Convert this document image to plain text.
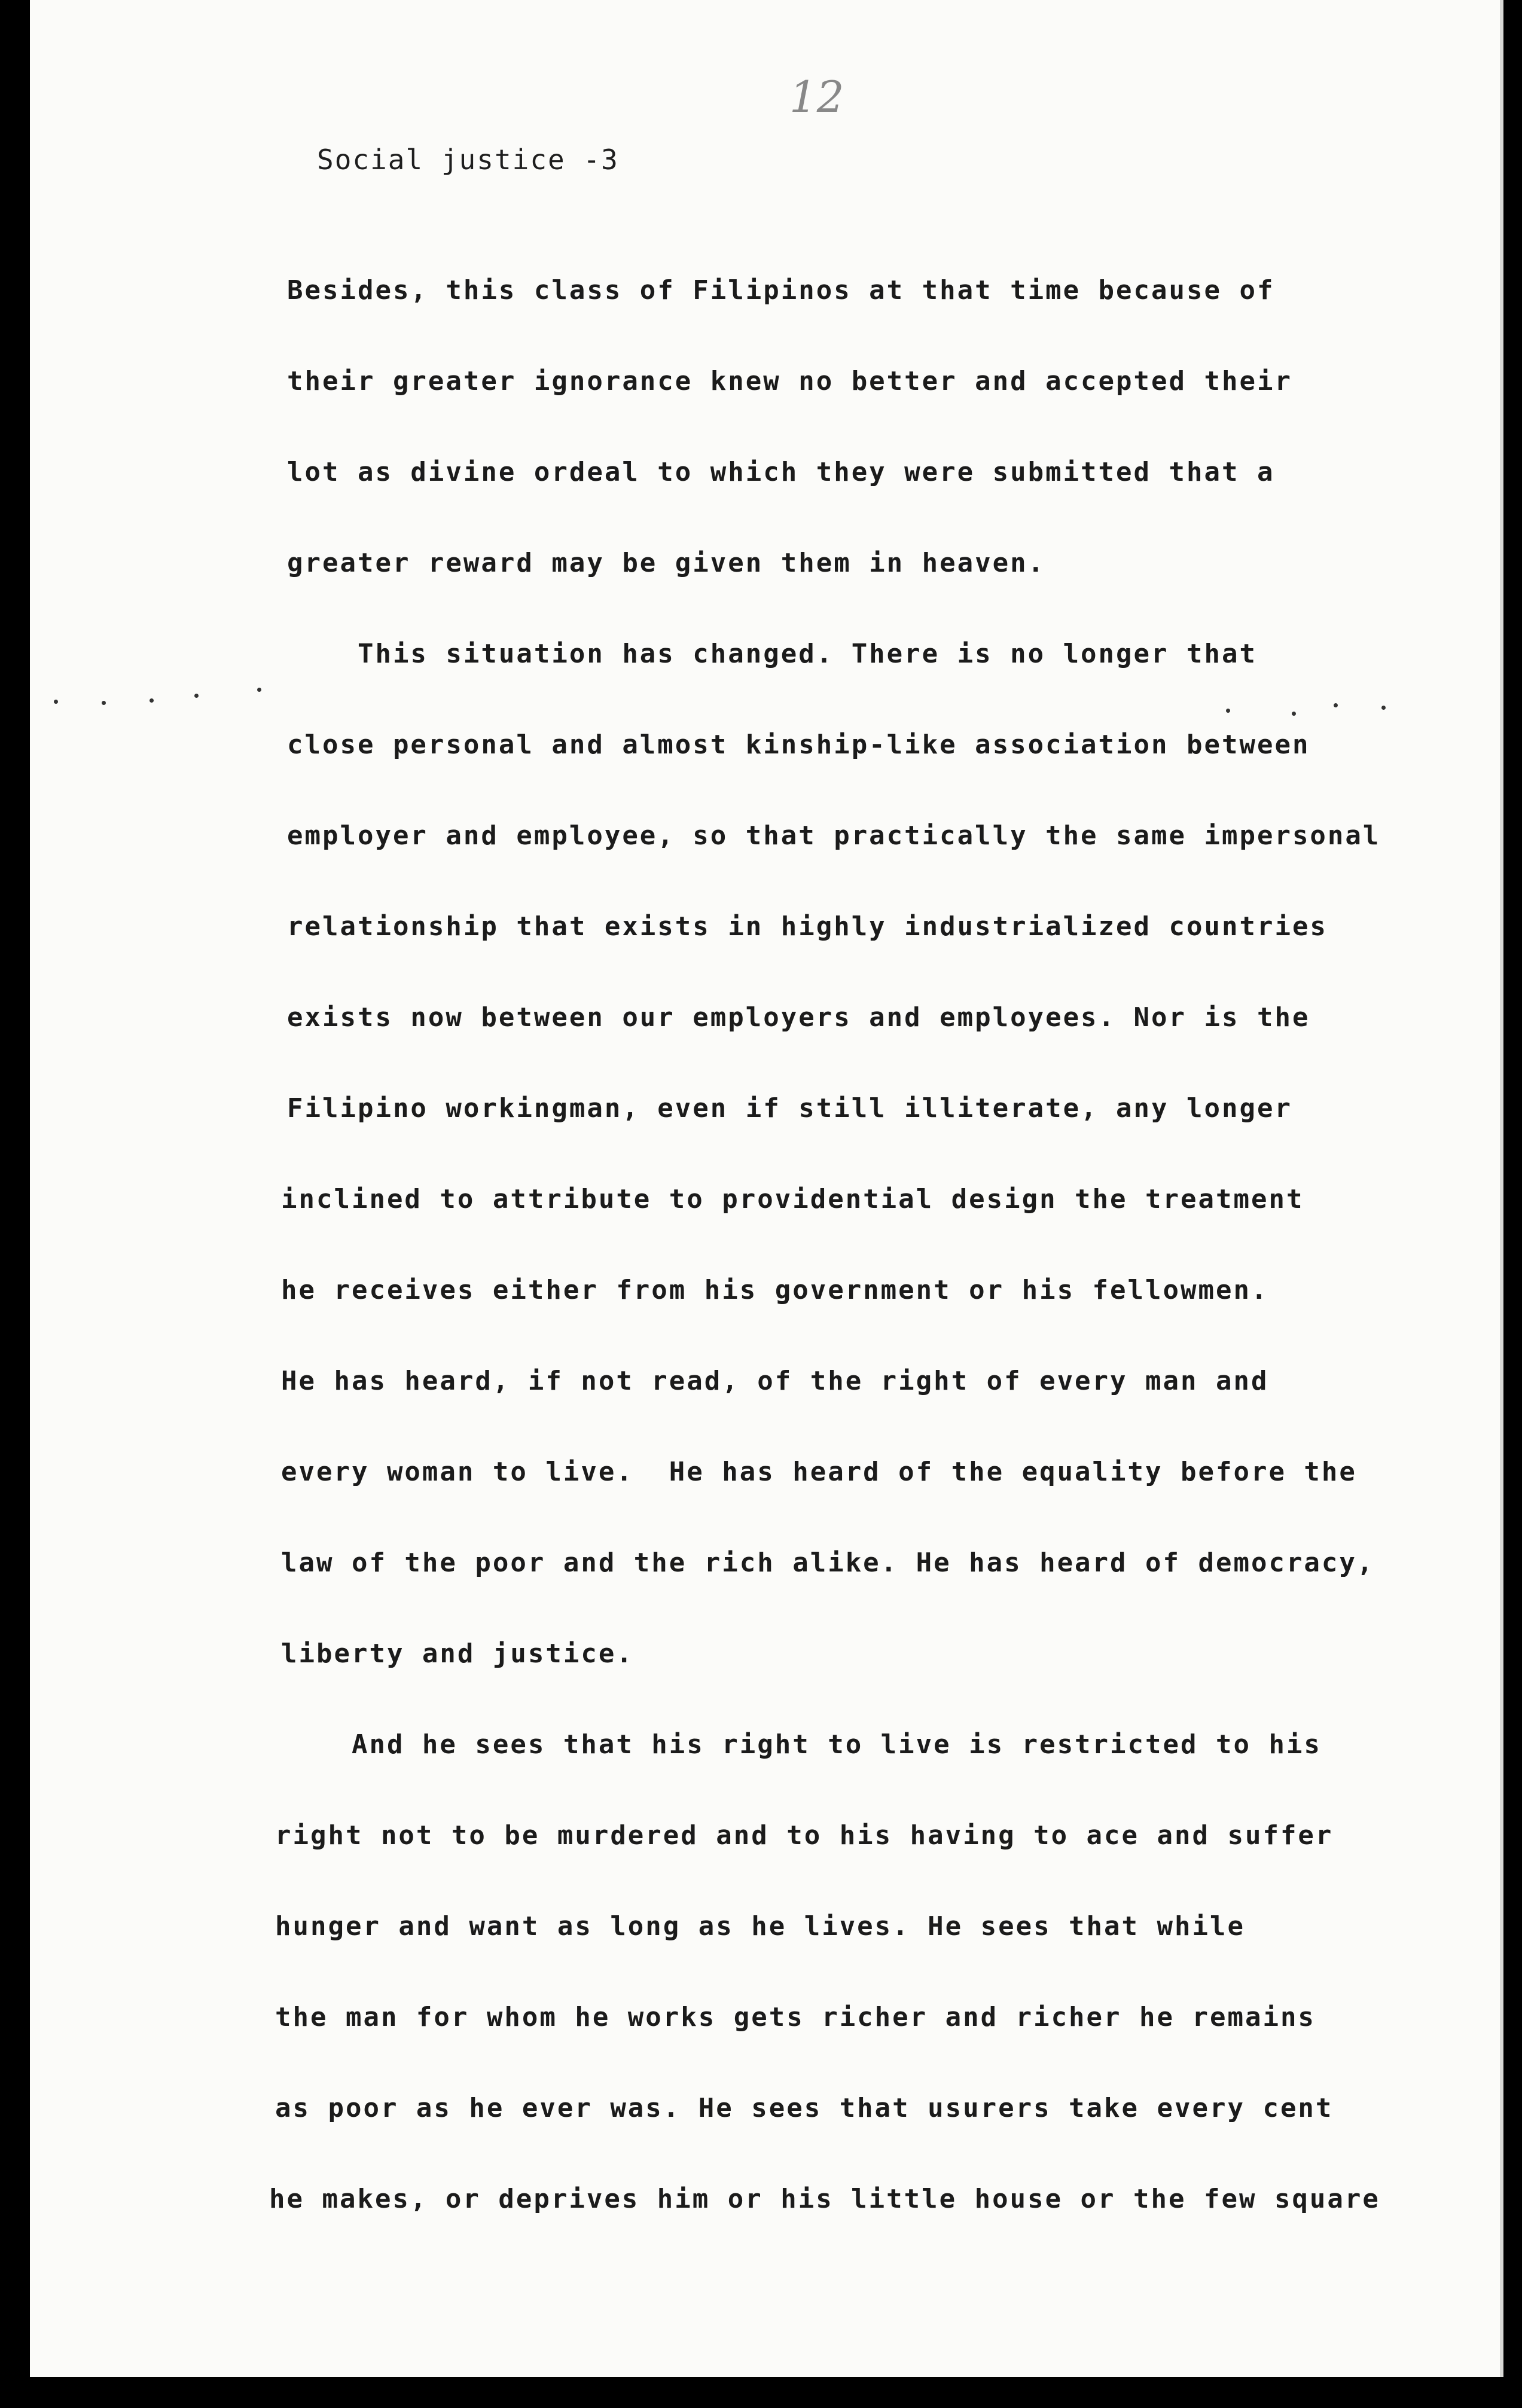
12
Social justice -3
Besides, this class of Filipinos at that time because of
their greater ignorance knew no better and accepted their
lot as divine ordeal to which they were submitted that a
greater reward may be given them in heaven.
This situation has changed. There is no longer that
close personal and almost kinship-like association between
employer and employee, so that practically the same impersonal
relationship that exists in highly industrialized countries
exists now between our employers and employees. Nor is the
Filipino workingman, even if still illiterate, any longer
inclined to attribute to providential design the treatment
he receives either from his government or his fellowmen.
He has heard, if not read, of the right of every man and
every woman to live.  He has heard of the equality before the
law of the poor and the rich alike. He has heard of democracy,
liberty and justice.
And he sees that his right to live is restricted to his
right not to be murdered and to his having to ace and suffer
hunger and want as long as he lives. He sees that while
the man for whom he works gets richer and richer he remains
as poor as he ever was. He sees that usurers take every cent
he makes, or deprives him or his little house or the few square
